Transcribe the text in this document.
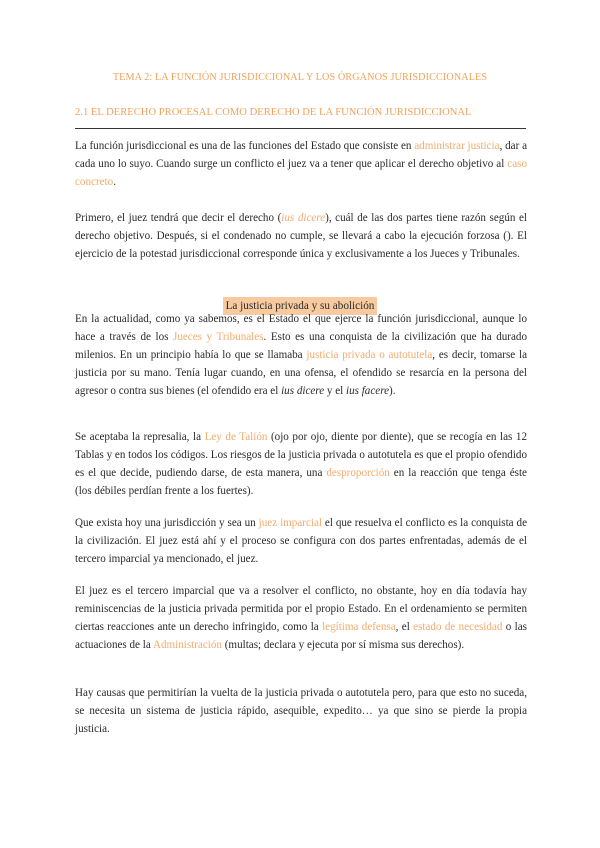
TEMA 2: LA FUNCIÓN JURISDICCIONAL Y LOS ÓRGANOS JURISDICCIONALES
2.1 EL DERECHO PROCESAL COMO DERECHO DE LA FUNCIÓN JURISDICCIONAL

La función jurisdiccional es una de las funciones del Estado que consiste en administrar justicia, dar a cada uno lo suyo. Cuando surge un conflicto el juez va a tener que aplicar el derecho objetivo al caso concreto.

Primero, el juez tendrá que decir el derecho (ius dicere), cuál de las dos partes tiene razón según el derecho objetivo. Después, si el condenado no cumple, se llevará a cabo la ejecución forzosa (). El ejercicio de la potestad jurisdiccional corresponde única y exclusivamente a los Jueces y Tribunales.

La justicia privada y su abolición

En la actualidad, como ya sabemos, es el Estado el que ejerce la función jurisdiccional, aunque lo hace a través de los Jueces y Tribunales. Esto es una conquista de la civilización que ha durado milenios. En un principio había lo que se llamaba justicia privada o autotutela, es decir, tomarse la justicia por su mano. Tenía lugar cuando, en una ofensa, el ofendido se resarcía en la persona del agresor o contra sus bienes (el ofendido era el ius dicere y el ius facere).

Se aceptaba la represalia, la Ley de Talión (ojo por ojo, diente por diente), que se recogía en las 12 Tablas y en todos los códigos. Los riesgos de la justicia privada o autotutela es que el propio ofendido es el que decide, pudiendo darse, de esta manera, una desproporción en la reacción que tenga éste (los débiles perdían frente a los fuertes).

Que exista hoy una jurisdicción y sea un juez imparcial el que resuelva el conflicto es la conquista de la civilización. El juez está ahí y el proceso se configura con dos partes enfrentadas, además de el tercero imparcial ya mencionado, el juez.

El juez es el tercero imparcial que va a resolver el conflicto, no obstante, hoy en día todavía hay reminiscencias de la justicia privada permitida por el propio Estado. En el ordenamiento se permiten ciertas reacciones ante un derecho infringido, como la legítima defensa, el estado de necesidad o las actuaciones de la Administración (multas; declara y ejecuta por sí misma sus derechos).

Hay causas que permitirían la vuelta de la justicia privada o autotutela pero, para que esto no suceda, se necesita un sistema de justicia rápido, asequible, expedito… ya que sino se pierde la propia justicia.
